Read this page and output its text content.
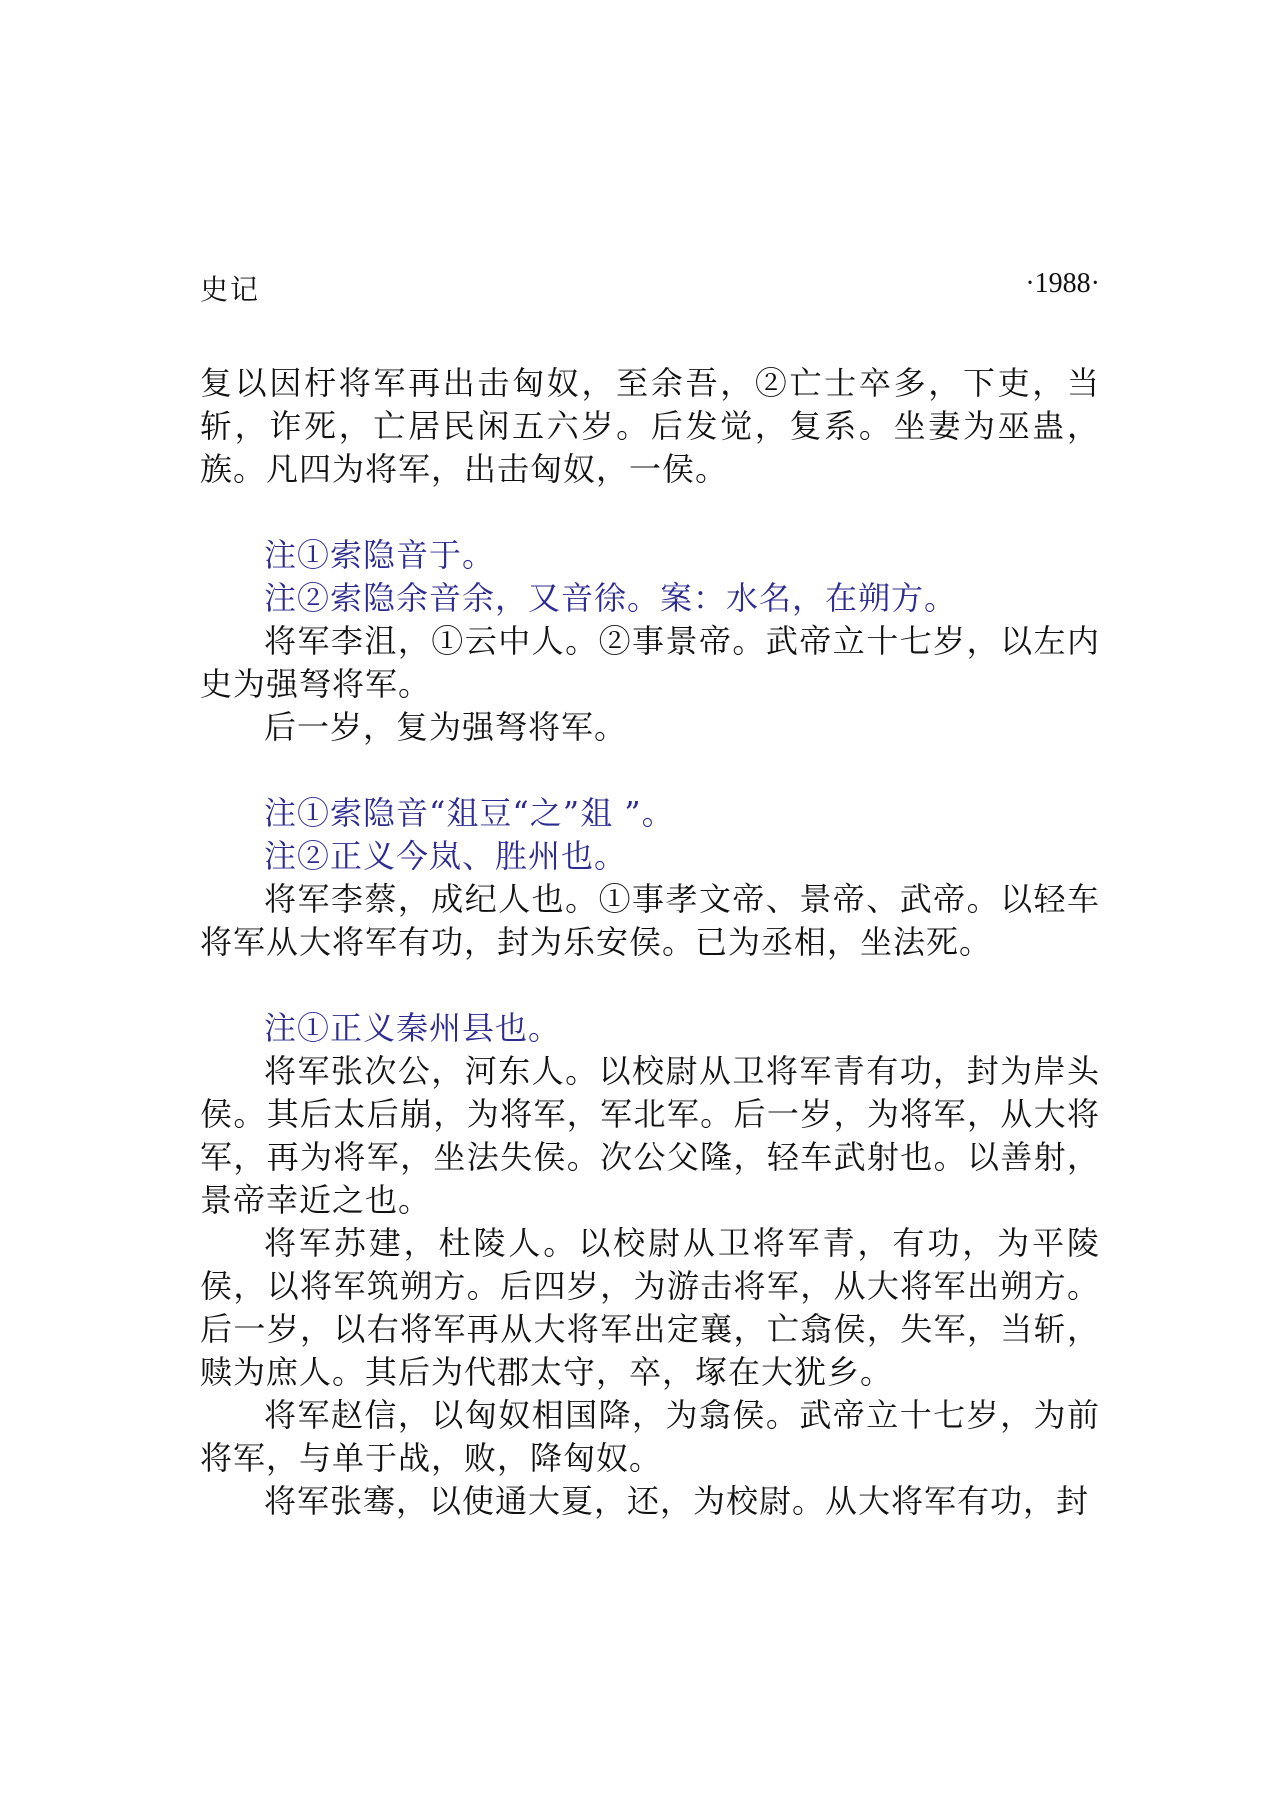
史记	·1988·

复以因杅将军再出击匈奴，至余吾，②亡士卒多，下吏，当斩，诈死，亡居民闲五六岁。后发觉，复系。坐妻为巫蛊，族。凡四为将军，出击匈奴，一侯。

注①索隐音于。

注②索隐余音余，又音徐。案：水名，在朔方。

将军李沮，①云中人。②事景帝。武帝立十七岁，以左内史为强弩将军。

后一岁，复为强弩将军。

注①索隐音“爼豆“之”爼 ”。

注②正义今岚、胜州也。

将军李蔡，成纪人也。①事孝文帝、景帝、武帝。以轻车将军从大将军有功，封为乐安侯。已为丞相，坐法死。

注①正义秦州县也。

将军张次公，河东人。以校尉从卫将军青有功，封为岸头侯。其后太后崩，为将军，军北军。后一岁，为将军，从大将军，再为将军，坐法失侯。次公父隆，轻车武射也。以善射，景帝幸近之也。

将军苏建，杜陵人。以校尉从卫将军青，有功，为平陵侯，以将军筑朔方。后四岁，为游击将军，从大将军出朔方。后一岁，以右将军再从大将军出定襄，亡翕侯，失军，当斩，赎为庶人。其后为代郡太守，卒，塚在大犹乡。

将军赵信，以匈奴相国降，为翕侯。武帝立十七岁，为前将军，与单于战，败，降匈奴。

将军张骞，以使通大夏，还，为校尉。从大将军有功，封
